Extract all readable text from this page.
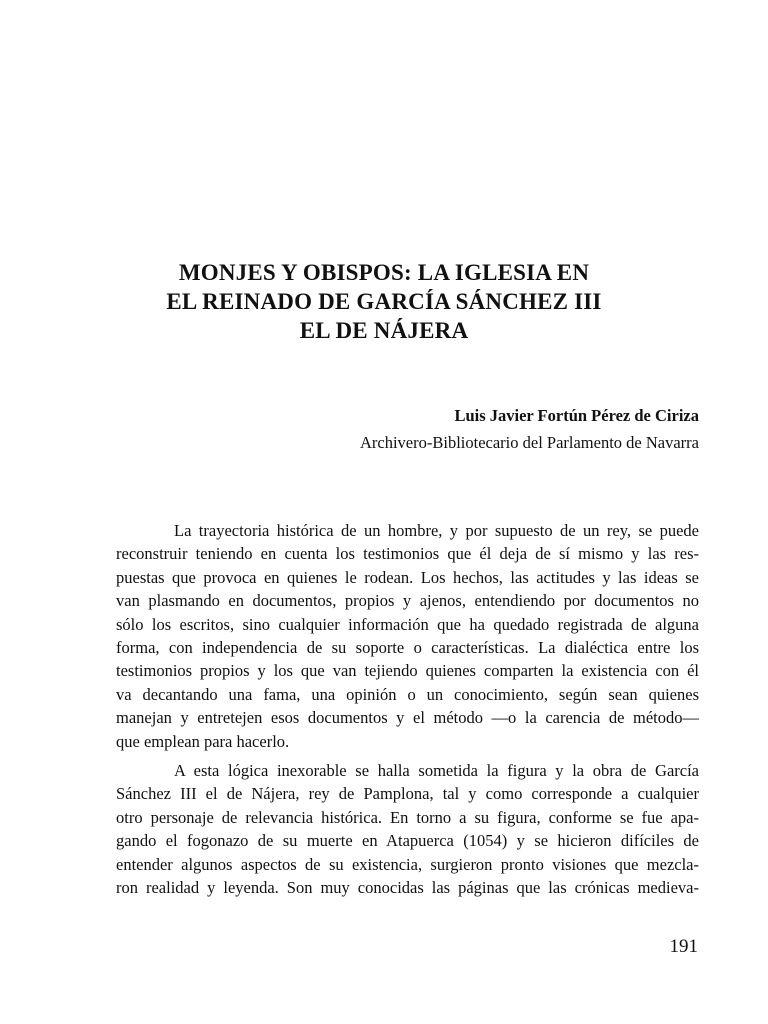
MONJES Y OBISPOS: LA IGLESIA EN
EL REINADO DE GARCÍA SÁNCHEZ III
EL DE NÁJERA
Luis Javier Fortún Pérez de Ciriza
Archivero-Bibliotecario del Parlamento de Navarra

La trayectoria histórica de un hombre, y por supuesto de un rey, se puede
reconstruir teniendo en cuenta los testimonios que él deja de sí mismo y las res-
puestas que provoca en quienes le rodean. Los hechos, las actitudes y las ideas se
van plasmando en documentos, propios y ajenos, entendiendo por documentos no
sólo los escritos, sino cualquier información que ha quedado registrada de alguna
forma, con independencia de su soporte o características. La dialéctica entre los
testimonios propios y los que van tejiendo quienes comparten la existencia con él
va decantando una fama, una opinión o un conocimiento, según sean quienes
manejan y entretejen esos documentos y el método —o la carencia de método—
que emplean para hacerlo.

A esta lógica inexorable se halla sometida la figura y la obra de García
Sánchez III el de Nájera, rey de Pamplona, tal y como corresponde a cualquier
otro personaje de relevancia histórica. En torno a su figura, conforme se fue apa-
gando el fogonazo de su muerte en Atapuerca (1054) y se hicieron difíciles de
entender algunos aspectos de su existencia, surgieron pronto visiones que mezcla-
ron realidad y leyenda. Son muy conocidas las páginas que las crónicas medieva-

191
